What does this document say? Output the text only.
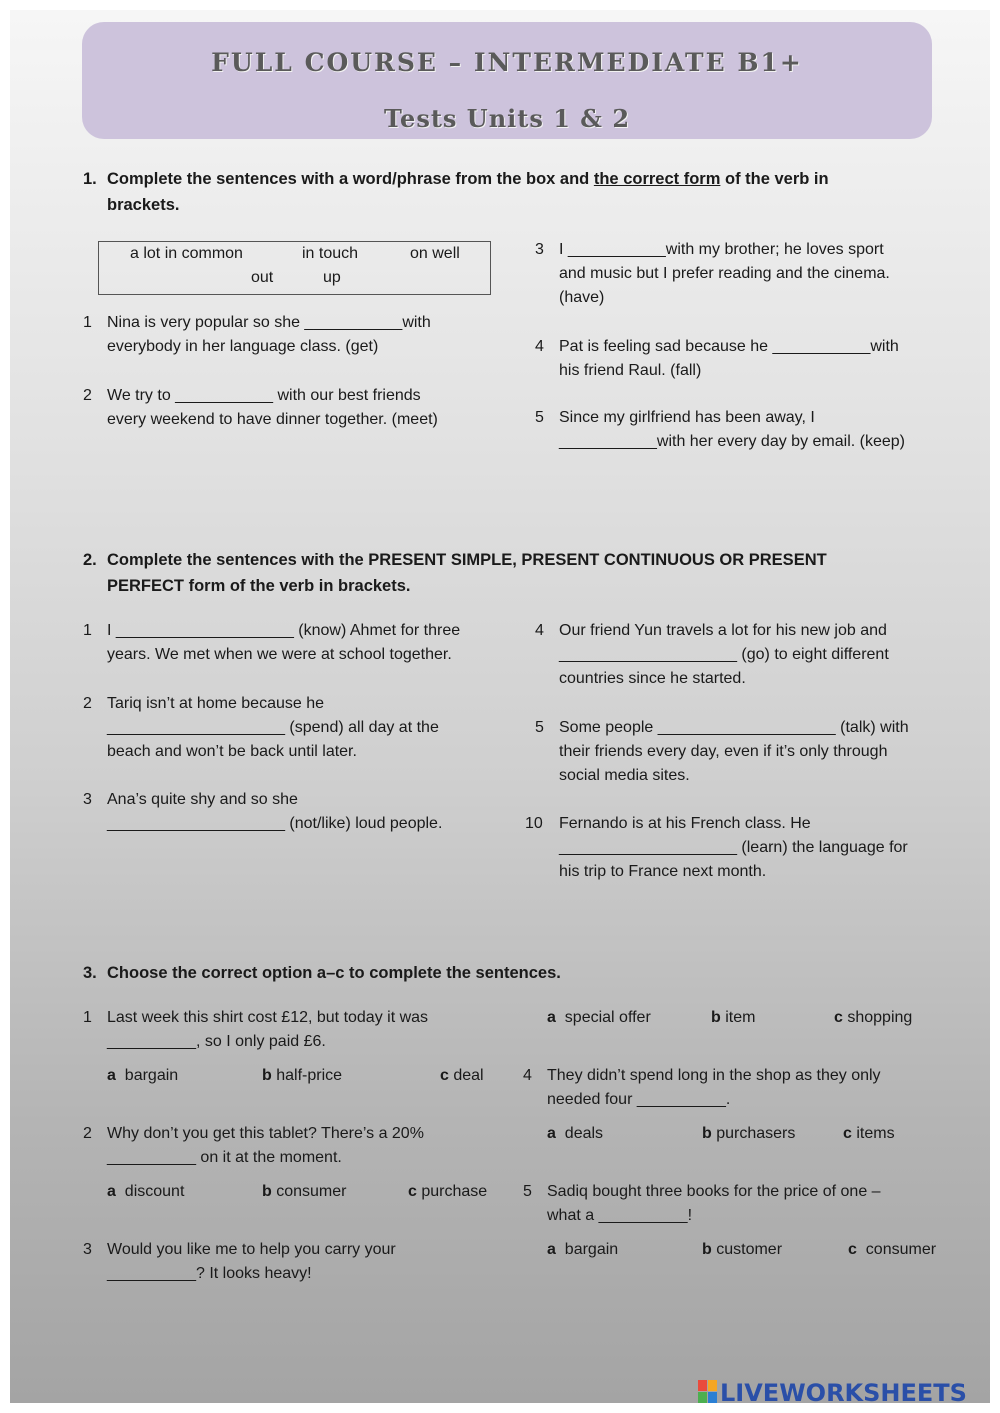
FULL COURSE – INTERMEDIATE B1+
Tests Units 1 & 2
1. Complete the sentences with a word/phrase from the box and the correct form of the verb in
brackets.
a lot in common	in touch	on well
out	up
1 Nina is very popular so she ___________with
everybody in her language class. (get)
2 We try to ___________ with our best friends
every weekend to have dinner together. (meet)
3 I ___________with my brother; he loves sport
and music but I prefer reading and the cinema.
(have)
4 Pat is feeling sad because he ___________with
his friend Raul. (fall)
5 Since my girlfriend has been away, I
___________with her every day by email. (keep)
2. Complete the sentences with the PRESENT SIMPLE, PRESENT CONTINUOUS OR PRESENT
PERFECT form of the verb in brackets.
1 I ____________________ (know) Ahmet for three
years. We met when we were at school together.
2 Tariq isn’t at home because he
____________________ (spend) all day at the
beach and won’t be back until later.
3 Ana’s quite shy and so she
____________________ (not/like) loud people.
4 Our friend Yun travels a lot for his new job and
____________________ (go) to eight different
countries since he started.
5 Some people ____________________ (talk) with
their friends every day, even if it’s only through
social media sites.
10 Fernando is at his French class. He
____________________ (learn) the language for
his trip to France next month.
3. Choose the correct option a–c to complete the sentences.
1 Last week this shirt cost £12, but today it was
__________, so I only paid £6.
a bargain	b half-price	c deal
2 Why don’t you get this tablet? There’s a 20%
__________ on it at the moment.
a discount	b consumer	c purchase
3 Would you like me to help you carry your
__________? It looks heavy!
a special offer	b item	c shopping
4 They didn’t spend long in the shop as they only
needed four __________.
a deals	b purchasers	c items
5 Sadiq bought three books for the price of one –
what a __________!
a bargain	b customer	c consumer
LIVEWORKSHEETS
